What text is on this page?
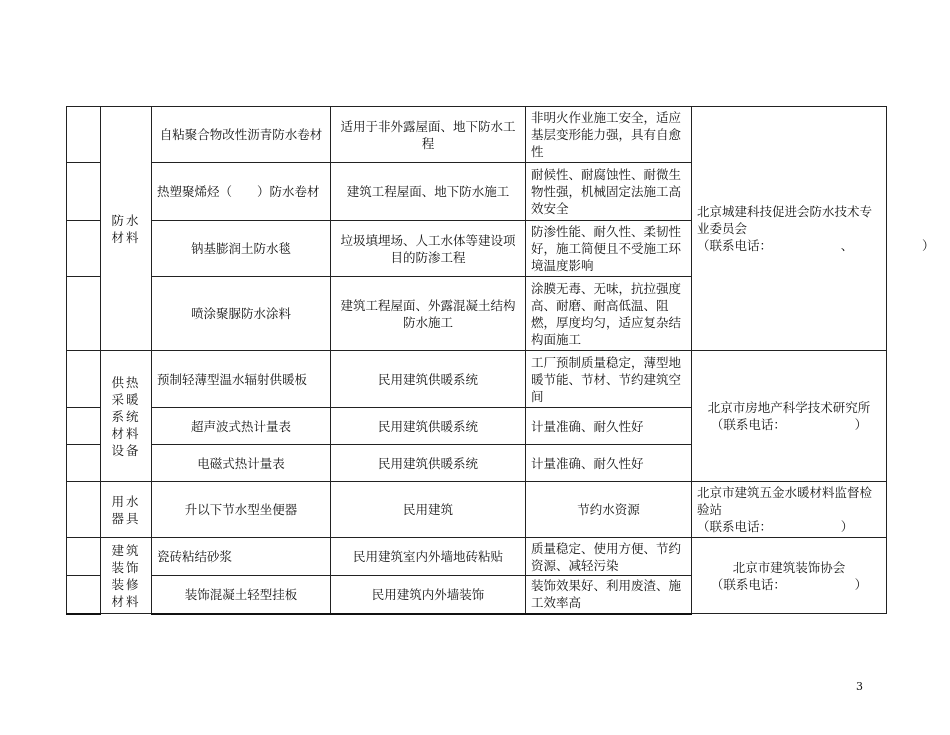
	防水材料	自粘聚合物改性沥青防水卷材	适用于非外露屋面、地下防水工程	非明火作业施工安全，适应基层变形能力强，具有自愈性	北京城建科技促进会防水技术专业委员会

（联系电话：　　　　　　、　　　　　　）

		热塑聚烯烃（　　）防水卷材	建筑工程屋面、地下防水施工	耐候性、耐腐蚀性、耐微生物性强，机械固定法施工高效安全	
		钠基膨润土防水毯	垃圾填埋场、人工水体等建设项目的防渗工程	防渗性能、耐久性、柔韧性好，施工简便且不受施工环境温度影响	
		喷涂聚脲防水涂料	建筑工程屋面、外露混凝土结构防水施工	涂膜无毒、无味，抗拉强度高、耐磨、耐高低温、阻燃，厚度均匀，适应复杂结构面施工	
	供热采暖系统材料设备	预制轻薄型温水辐射供暖板	民用建筑供暖系统	工厂预制质量稳定，薄型地暖节能、节材、节约建筑空间	北京市房地产科学技术研究所

（联系电话：　　　　　　）

		超声波式热计量表	民用建筑供暖系统	计量准确、耐久性好	
		电磁式热计量表	民用建筑供暖系统	计量准确、耐久性好	
	用水器具	升以下节水型坐便器	民用建筑	节约水资源	北京市建筑五金水暖材料监督检验站

（联系电话：　　　　　　）

	建筑装饰装修材料	瓷砖粘结砂浆	民用建筑室内外墙地砖粘贴	质量稳定、使用方便、节约资源、减轻污染	北京市建筑装饰协会

（联系电话：　　　　　　）

		装饰混凝土轻型挂板	民用建筑内外墙装饰	装饰效果好、利用废渣、施工效率高	
3
